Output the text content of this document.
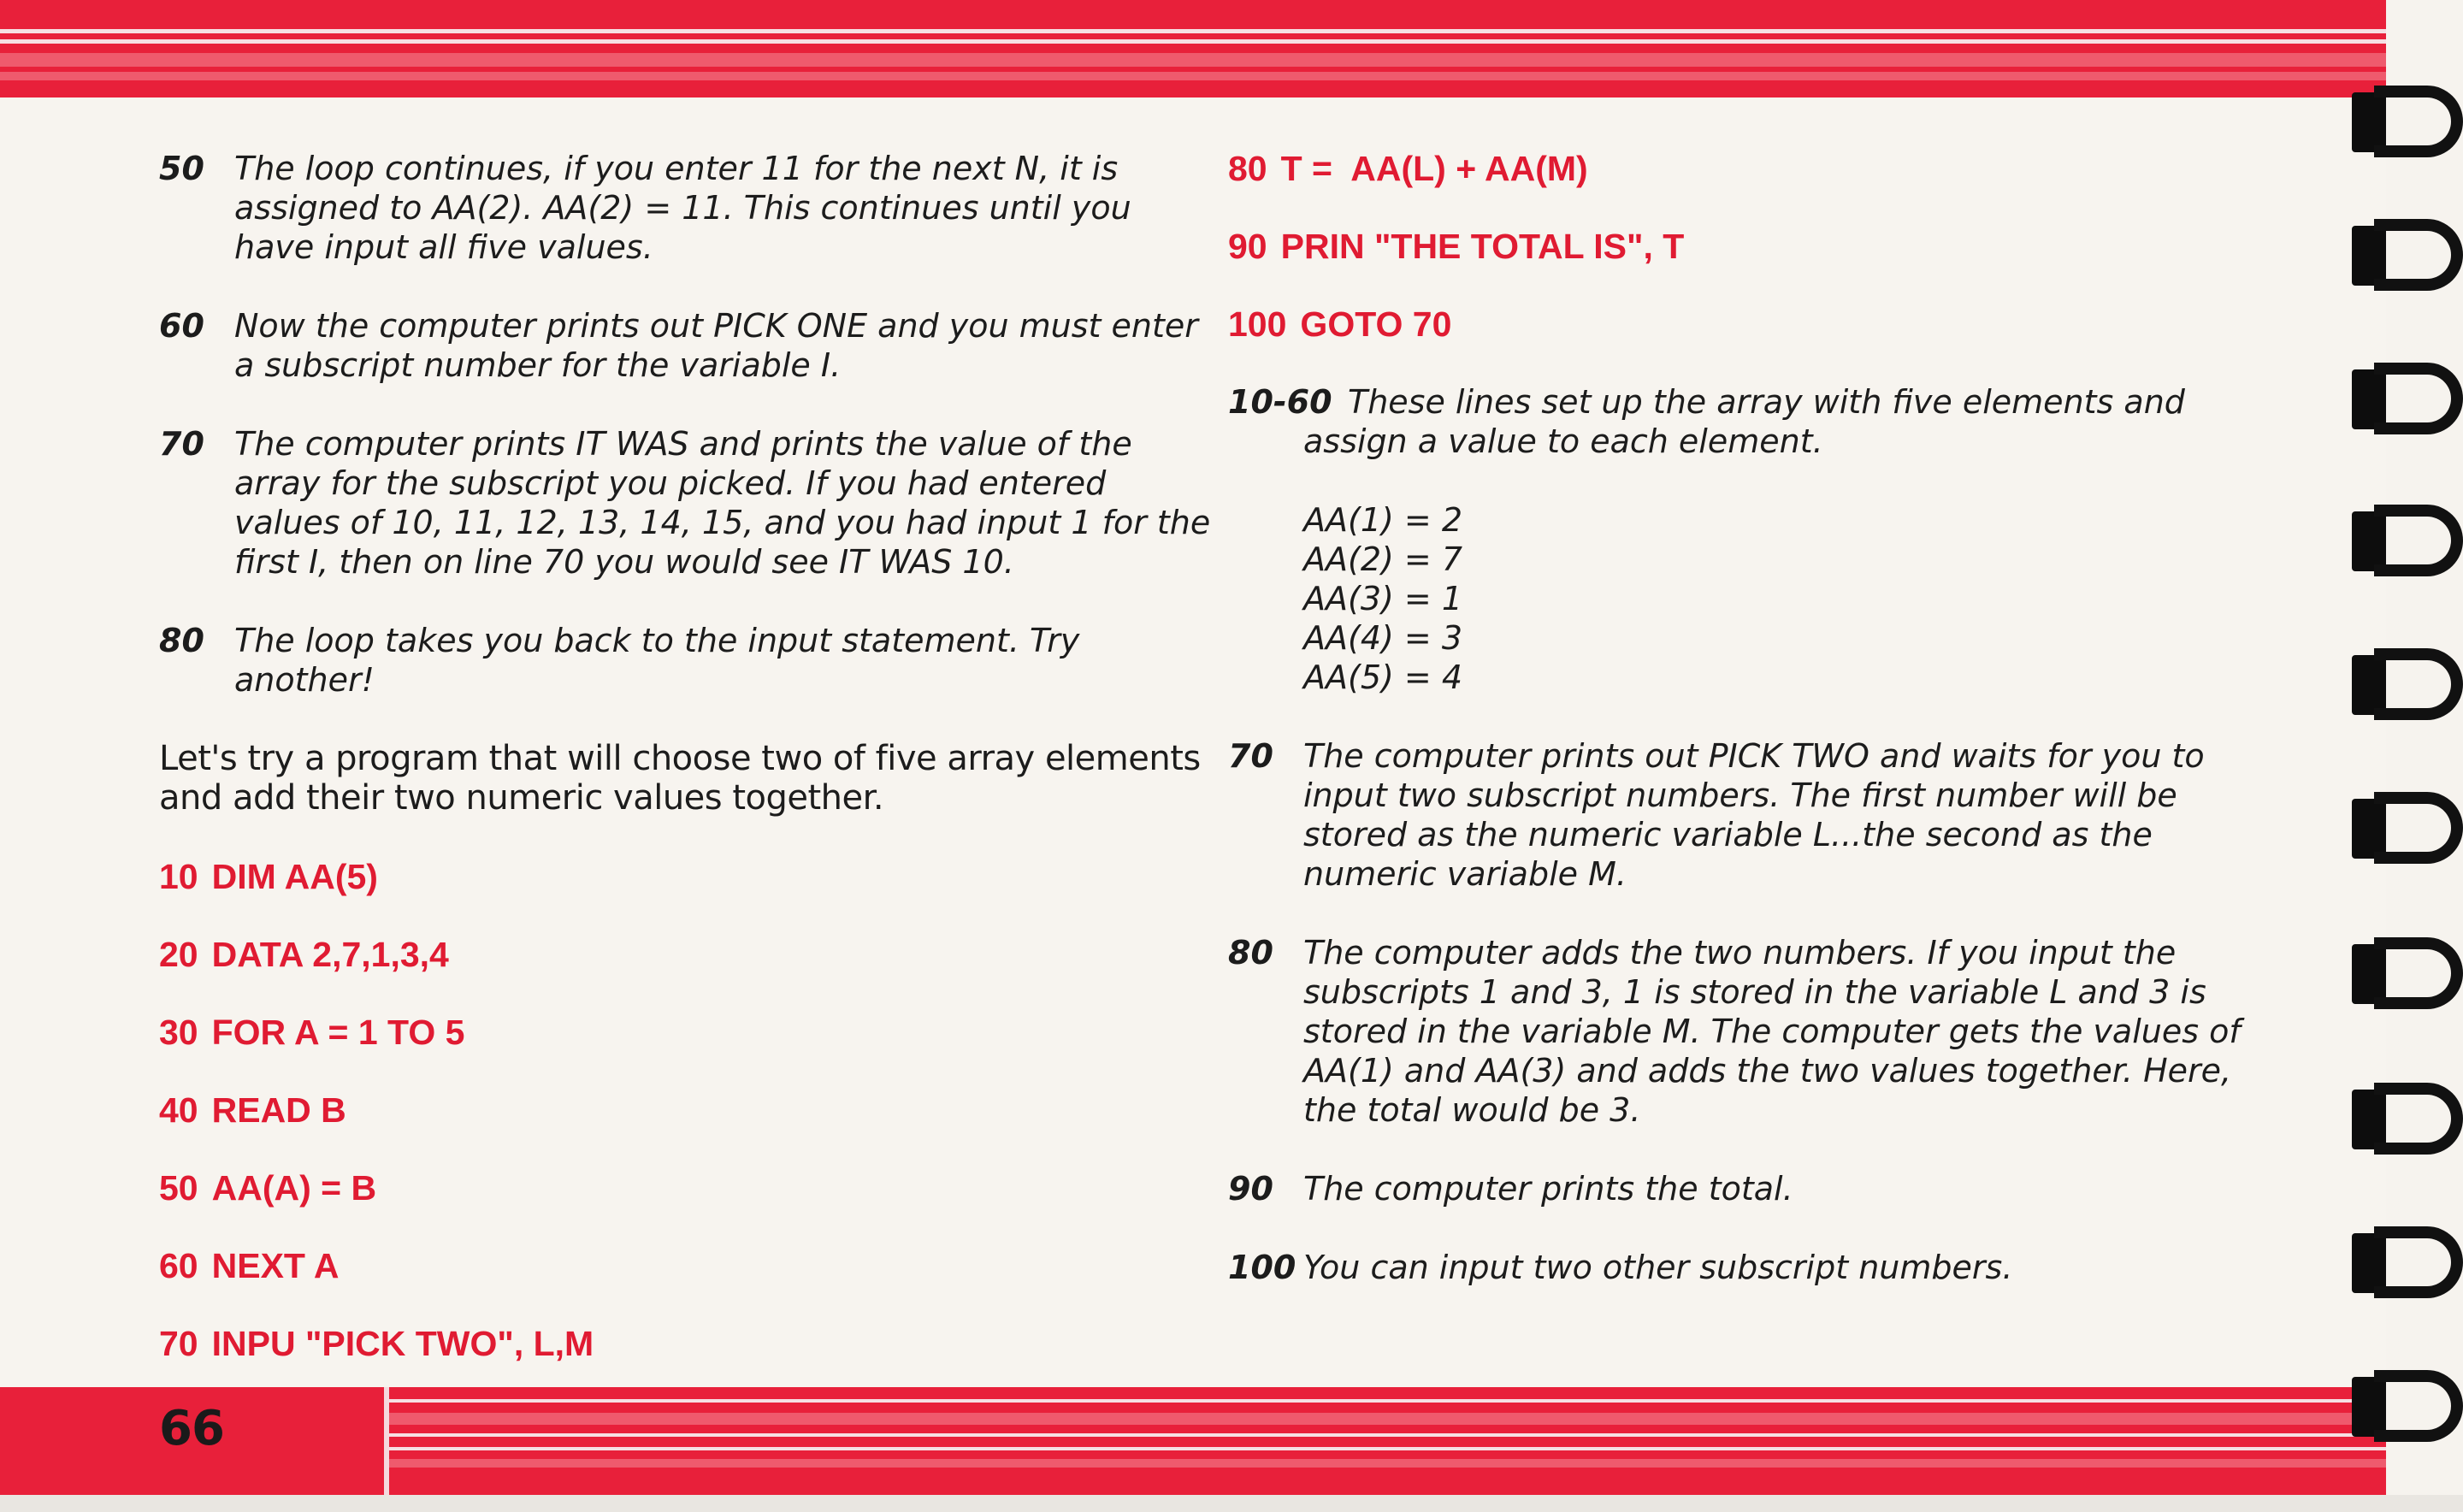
50 The loop continues, if you enter 11 for the next N, it is assigned to AA(2). AA(2) = 11. This continues until you have input all five values.
60 Now the computer prints out PICK ONE and you must enter a subscript number for the variable I.
70 The computer prints IT WAS and prints the value of the array for the subscript you picked. If you had entered values of 10, 11, 12, 13, 14, 15, and you had input 1 for the first I, then on line 70 you would see IT WAS 10.
80 The loop takes you back to the input statement. Try another!
Let's try a program that will choose two of five array elements and add their two numeric values together.
10 DIM AA(5)
20 DATA 2,7,1,3,4
30 FOR A = 1 TO 5
40 READ B
50 AA(A) = B
60 NEXT A
70 INPU "PICK TWO", L,M
80 T =  AA(L) + AA(M)
90 PRIN "THE TOTAL IS", T
100 GOTO 70
10-60 These lines set up the array with five elements and assign a value to each element.
AA(1) = 2
AA(2) = 7
AA(3) = 1
AA(4) = 3
AA(5) = 4
70 The computer prints out PICK TWO and waits for you to input two subscript numbers. The first number will be stored as the numeric variable L...the second as the numeric variable M.
80 The computer adds the two numbers. If you input the subscripts 1 and 3, 1 is stored in the variable L and 3 is stored in the variable M. The computer gets the values of AA(1) and AA(3) and adds the two values together. Here, the total would be 3.
90 The computer prints the total.
100 You can input two other subscript numbers.
66
